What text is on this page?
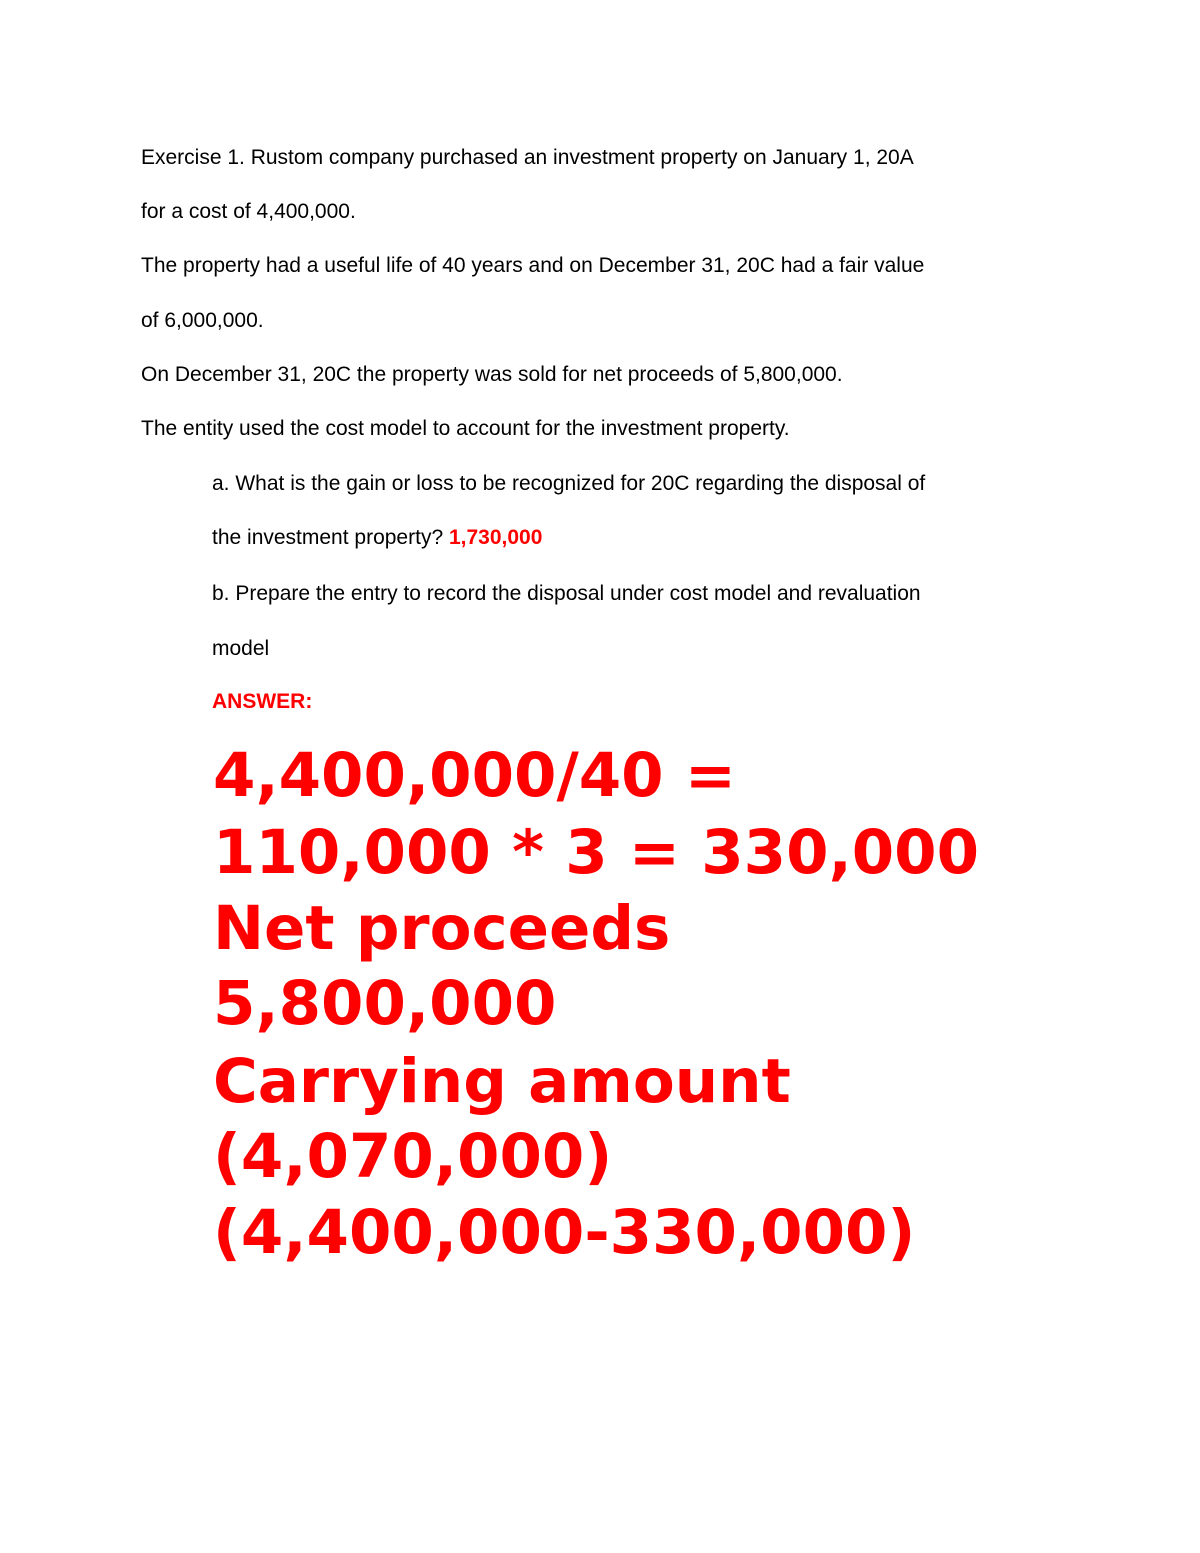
Exercise 1. Rustom company purchased an investment property on January 1, 20A
for a cost of 4,400,000.
The property had a useful life of 40 years and on December 31, 20C had a fair value
of 6,000,000.
On December 31, 20C the property was sold for net proceeds of 5,800,000.
The entity used the cost model to account for the investment property.
a. What is the gain or loss to be recognized for 20C regarding the disposal of
the investment property? 1,730,000
b. Prepare the entry to record the disposal under cost model and revaluation
model
ANSWER:
4,400,000/40 =
110,000 * 3 = 330,000
Net proceeds
5,800,000
Carrying amount
(4,070,000)
(4,400,000-330,000)
